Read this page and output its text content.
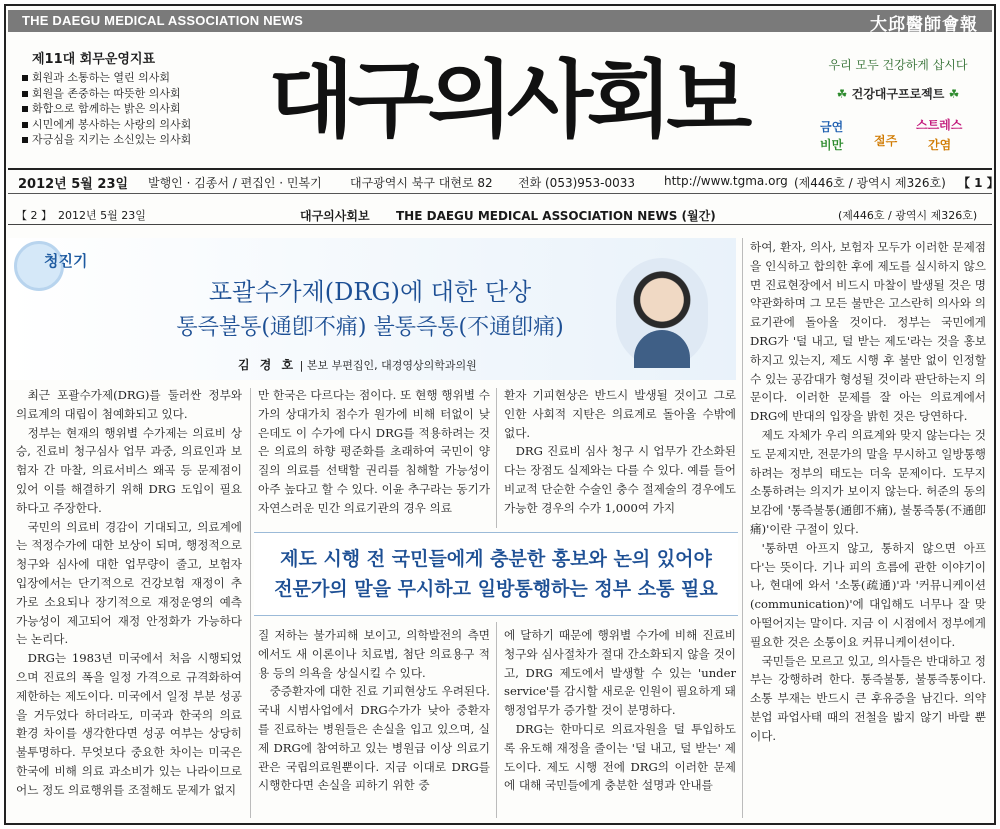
THE DAEGU MEDICAL ASSOCIATION NEWS	大邱醫師會報
제11대 회무운영지표
회원과 소통하는 열린 의사회
회원을 존중하는 따뜻한 의사회
화합으로 함께하는 밝은 의사회
시민에게 봉사하는 사랑의 의사회
자긍심을 지키는 소신있는 의사회 대구의사회보	우리 모두 건강하게 삽시다
☘ 건강대구프로젝트 ☘
금연
비만	절주
스트레스
간염
2012년 5월 23일 발행인 · 김종서 / 편집인 · 민복기 대구광역시 북구 대현로 82 전화 (053)953-0033 http://www.tgma.org (제446호 / 광역시 제326호) 【 1 】
【 2 】 2012년 5월 23일	대구의사회보 THE DAEGU MEDICAL ASSOCIATION NEWS (월간)	(제446호 / 광역시 제326호)
청진기
포괄수가제(DRG)에 대한 단상
통즉불통(通卽不痛) 불통즉통(不通卽痛)
김 경 호 | 본보 부편집인, 대경영상의학과의원

최근 포괄수가제(DRG)를 둘러싼 정부와 의료계의 대립이 첨예화되고 있다.

정부는 현재의 행위별 수가제는 의료비 상승, 진료비 청구심사 업무 과중, 의료인과 보험자 간 마찰, 의료서비스 왜곡 등 문제점이 있어 이를 해결하기 위해 DRG 도입이 필요하다고 주장한다.

국민의 의료비 경감이 기대되고, 의료계에는 적정수가에 대한 보상이 되며, 행정적으로 청구와 심사에 대한 업무량이 줄고, 보험자 입장에서는 단기적으로 건강보험 재정이 추가로 소요되나 장기적으로 재정운영의 예측 가능성이 제고되어 재정 안정화가 가능하다는 논리다.

DRG는 1983년 미국에서 처음 시행되었으며 진료의 폭을 일정 가격으로 규격화하여 제한하는 제도이다. 미국에서 일정 부분 성공을 거두었다 하더라도, 미국과 한국의 의료 환경 차이를 생각한다면 성공 여부는 상당히 불투명하다. 무엇보다 중요한 차이는 미국은 한국에 비해 의료 과소비가 있는 나라이므로 어느 정도 의료행위를 조절해도 문제가 없지

만 한국은 다르다는 점이다. 또 현행 행위별 수가의 상대가치 점수가 원가에 비해 터없이 낮은데도 이 수가에 다시 DRG를 적용하려는 것은 의료의 하향 평준화를 초래하여 국민이 양질의 의료를 선택할 권리를 침해할 가능성이 아주 높다고 할 수 있다. 이윤 추구라는 동기가 자연스러운 민간 의료기관의 경우 의료

환자 기피현상은 반드시 발생될 것이고 그로 인한 사회적 지탄은 의료계로 돌아올 수밖에 없다.

DRG 진료비 심사 청구 시 업무가 간소화된다는 장점도 실제와는 다를 수 있다. 예를 들어 비교적 단순한 수술인 충수 절제술의 경우에도 가능한 경우의 수가 1,000여 가지

제도 시행 전 국민들에게 충분한 홍보와 논의 있어야
전문가의 말을 무시하고 일방통행하는 정부 소통 필요

질 저하는 불가피해 보이고, 의학발전의 측면에서도 새 이론이나 치료법, 첨단 의료용구 적용 등의 의욕을 상실시킬 수 있다.

중증환자에 대한 진료 기피현상도 우려된다. 국내 시범사업에서 DRG수가가 낮아 중환자를 진료하는 병원들은 손실을 입고 있으며, 실제 DRG에 참여하고 있는 병원급 이상 의료기관은 국립의료원뿐이다. 지금 이대로 DRG를 시행한다면 손실을 피하기 위한 중

에 달하기 때문에 행위별 수가에 비해 진료비 청구와 심사절차가 절대 간소화되지 않을 것이고, DRG 제도에서 발생할 수 있는 'under service'를 감시할 새로운 인원이 필요하게 돼 행정업무가 증가할 것이 분명하다.

DRG는 한마디로 의료자원을 덜 투입하도록 유도해 재정을 줄이는 '덜 내고, 덜 받는' 제도이다. 제도 시행 전에 DRG의 이러한 문제에 대해 국민들에게 충분한 설명과 안내를

하여, 환자, 의사, 보험자 모두가 이러한 문제점을 인식하고 합의한 후에 제도를 실시하지 않으면 진료현장에서 비드시 마찰이 발생될 것은 명약관화하며 그 모든 불만은 고스란히 의사와 의료기관에 돌아올 것이다. 정부는 국민에게 DRG가 '덜 내고, 덜 받는 제도'라는 것을 홍보하지고 있는지, 제도 시행 후 불만 없이 인정할 수 있는 공감대가 형성될 것이라 판단하는지 의문이다. 이러한 문제를 잘 아는 의료계에서 DRG에 반대의 입장을 밝힌 것은 당연하다.

제도 자체가 우리 의료계와 맞지 않는다는 것도 문제지만, 전문가의 말을 무시하고 일방통행하려는 정부의 태도는 더욱 문제이다. 도무지 소통하려는 의지가 보이지 않는다. 허준의 동의보감에 '통즉불통(通卽不痛), 불통즉통(不通卽痛)'이란 구절이 있다.

'통하면 아프지 않고, 통하지 않으면 아프다'는 뜻이다. 기나 피의 흐름에 관한 이야기이나, 현대에 와서 '소통(疏通)'과 '커뮤니케이션(communication)'에 대입해도 너무나 잘 맞아떨어지는 말이다. 지금 이 시점에서 정부에게 필요한 것은 소통이요 커뮤니케이션이다.

국민들은 모르고 있고, 의사들은 반대하고 정부는 강행하려 한다. 통즉불통, 불통즉통이다. 소통 부재는 반드시 큰 후유증을 남긴다. 의약분업 파업사태 때의 전철을 밟지 않기 바랄 뿐이다.
